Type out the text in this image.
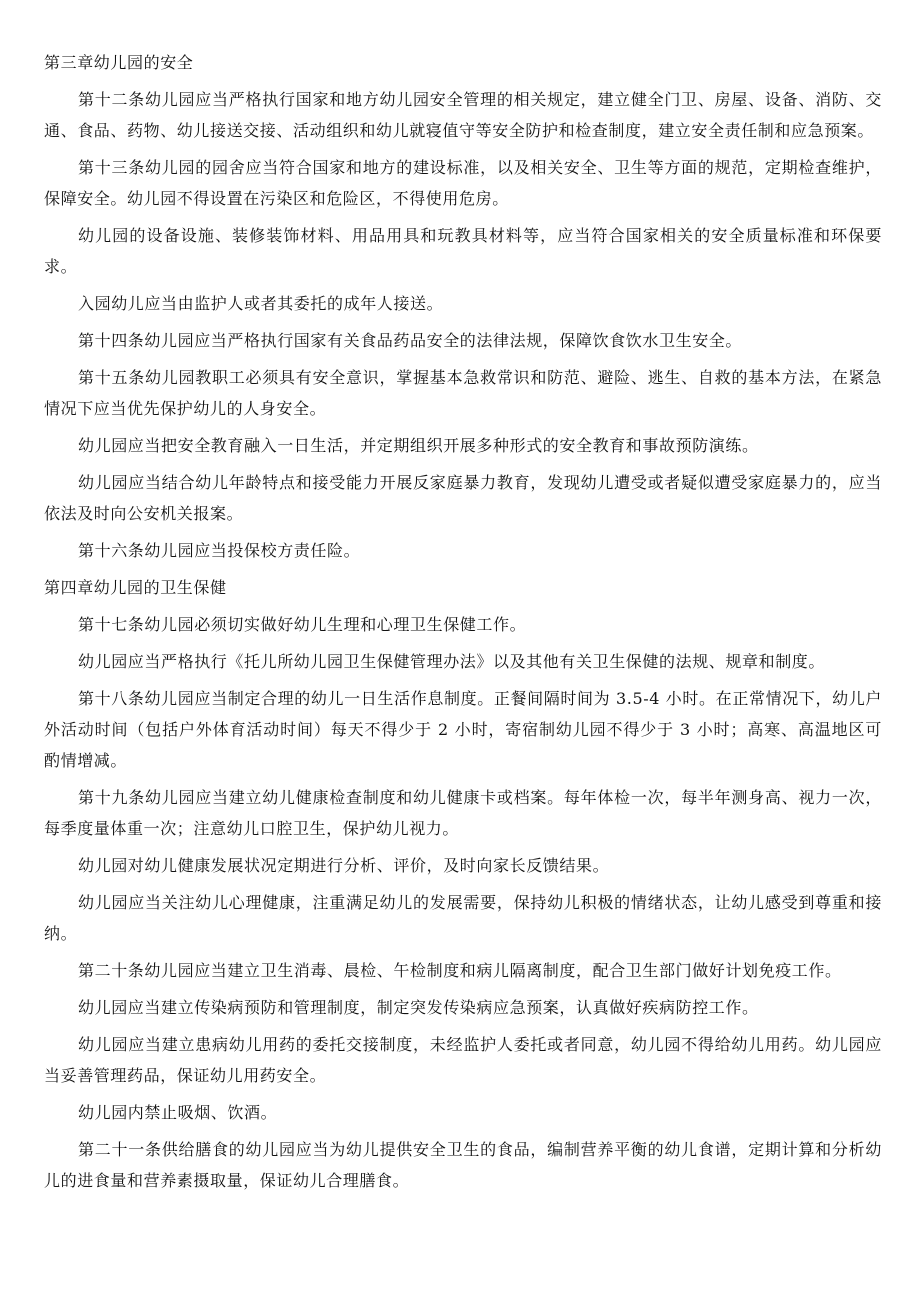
第三章幼儿园的安全

第十二条幼儿园应当严格执行国家和地方幼儿园安全管理的相关规定，建立健全门卫、房屋、设备、消防、交通、食品、药物、幼儿接送交接、活动组织和幼儿就寝值守等安全防护和检查制度，建立安全责任制和应急预案。

第十三条幼儿园的园舍应当符合国家和地方的建设标准，以及相关安全、卫生等方面的规范，定期检查维护，保障安全。幼儿园不得设置在污染区和危险区，不得使用危房。

幼儿园的设备设施、装修装饰材料、用品用具和玩教具材料等，应当符合国家相关的安全质量标准和环保要求。

入园幼儿应当由监护人或者其委托的成年人接送。

第十四条幼儿园应当严格执行国家有关食品药品安全的法律法规，保障饮食饮水卫生安全。

第十五条幼儿园教职工必须具有安全意识，掌握基本急救常识和防范、避险、逃生、自救的基本方法，在紧急情况下应当优先保护幼儿的人身安全。

幼儿园应当把安全教育融入一日生活，并定期组织开展多种形式的安全教育和事故预防演练。

幼儿园应当结合幼儿年龄特点和接受能力开展反家庭暴力教育，发现幼儿遭受或者疑似遭受家庭暴力的，应当依法及时向公安机关报案。

第十六条幼儿园应当投保校方责任险。

第四章幼儿园的卫生保健

第十七条幼儿园必须切实做好幼儿生理和心理卫生保健工作。

幼儿园应当严格执行《托儿所幼儿园卫生保健管理办法》以及其他有关卫生保健的法规、规章和制度。

第十八条幼儿园应当制定合理的幼儿一日生活作息制度。正餐间隔时间为 3.5-4 小时。在正常情况下，幼儿户外活动时间（包括户外体育活动时间）每天不得少于 2 小时，寄宿制幼儿园不得少于 3 小时；高寒、高温地区可酌情增减。

第十九条幼儿园应当建立幼儿健康检查制度和幼儿健康卡或档案。每年体检一次，每半年测身高、视力一次，每季度量体重一次；注意幼儿口腔卫生，保护幼儿视力。

幼儿园对幼儿健康发展状况定期进行分析、评价，及时向家长反馈结果。

幼儿园应当关注幼儿心理健康，注重满足幼儿的发展需要，保持幼儿积极的情绪状态，让幼儿感受到尊重和接纳。

第二十条幼儿园应当建立卫生消毒、晨检、午检制度和病儿隔离制度，配合卫生部门做好计划免疫工作。

幼儿园应当建立传染病预防和管理制度，制定突发传染病应急预案，认真做好疾病防控工作。

幼儿园应当建立患病幼儿用药的委托交接制度，未经监护人委托或者同意，幼儿园不得给幼儿用药。幼儿园应当妥善管理药品，保证幼儿用药安全。

幼儿园内禁止吸烟、饮酒。

第二十一条供给膳食的幼儿园应当为幼儿提供安全卫生的食品，编制营养平衡的幼儿食谱，定期计算和分析幼儿的进食量和营养素摄取量，保证幼儿合理膳食。
